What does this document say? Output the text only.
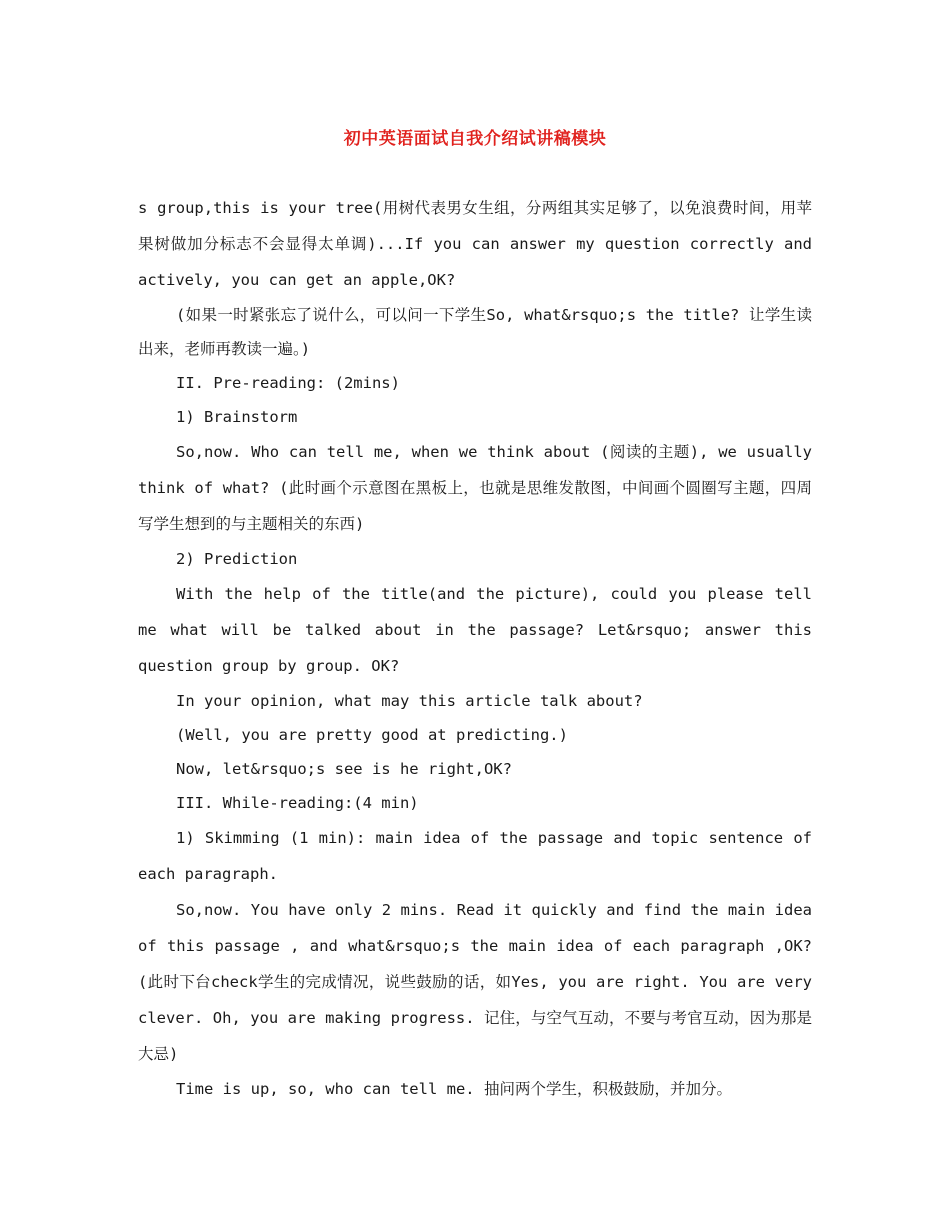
初中英语面试自我介绍试讲稿模块

s group,this is your tree(用树代表男女生组，分两组其实足够了，以免浪费时间，用苹果树做加分标志不会显得太单调)...If you can answer my question correctly and actively, you can get an apple,OK?

(如果一时紧张忘了说什么，可以问一下学生So, what&rsquo;s the title? 让学生读出来，老师再教读一遍。)

II. Pre-reading: (2mins)

1) Brainstorm

So,now. Who can tell me, when we think about (阅读的主题), we usually think of what? (此时画个示意图在黑板上，也就是思维发散图，中间画个圆圈写主题，四周写学生想到的与主题相关的东西)

2) Prediction

With the help of the title(and the picture), could you please tell me what will be talked about in the passage? Let&rsquo; answer this question group by group. OK?

In your opinion, what may this article talk about?

(Well, you are pretty good at predicting.)

Now, let&rsquo;s see is he right,OK?

III. While-reading:(4 min)

1) Skimming (1 min): main idea of the passage and topic sentence of each paragraph.

So,now. You have only 2 mins. Read it quickly and find the main idea of this passage , and what&rsquo;s the main idea of each paragraph ,OK? (此时下台check学生的完成情况，说些鼓励的话，如Yes, you are right. You are very clever. Oh, you are making progress. 记住，与空气互动，不要与考官互动，因为那是大忌)

Time is up, so, who can tell me. 抽问两个学生，积极鼓励，并加分。
